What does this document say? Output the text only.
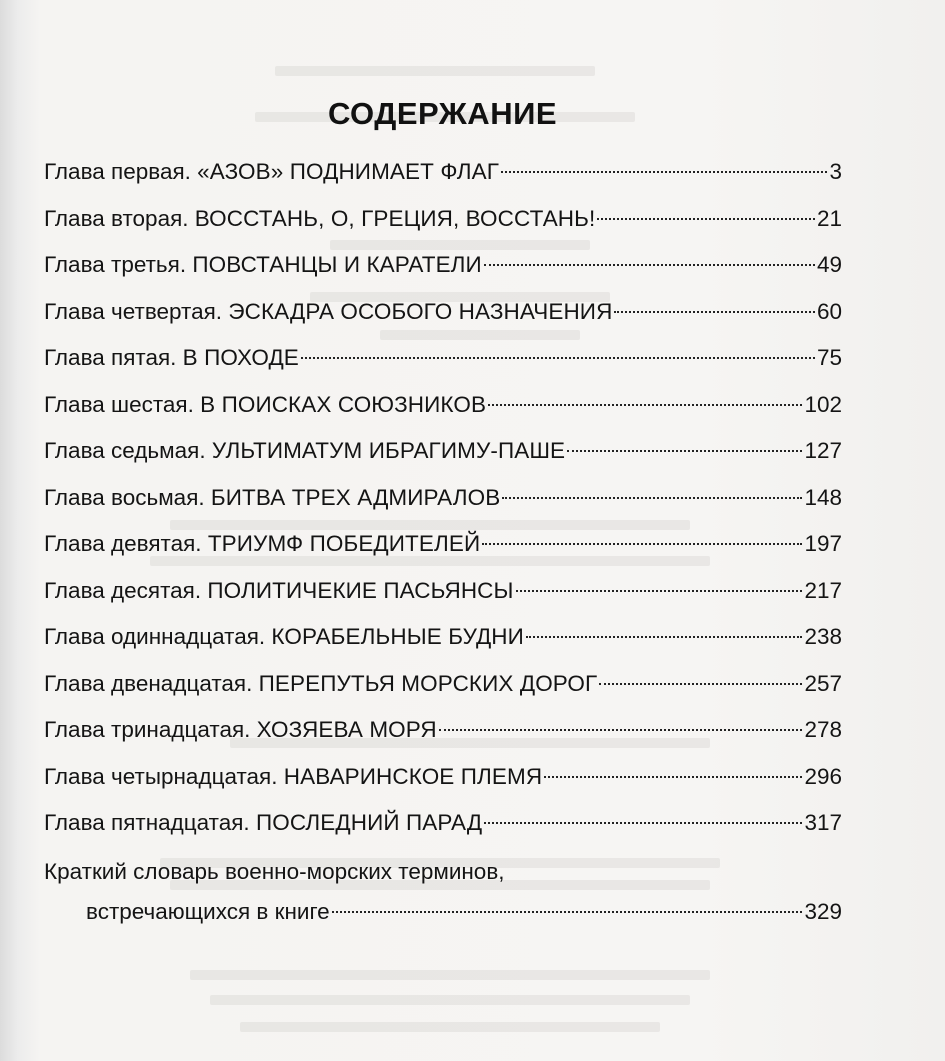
СОДЕРЖАНИЕ
Глава первая. «АЗОВ» ПОДНИМАЕТ ФЛАГ	3
Глава вторая. ВОССТАНЬ, О, ГРЕЦИЯ, ВОССТАНЬ!	21
Глава третья. ПОВСТАНЦЫ И КАРАТЕЛИ	49
Глава четвертая. ЭСКАДРА ОСОБОГО НАЗНАЧЕНИЯ	60
Глава пятая. В ПОХОДЕ	75
Глава шестая. В ПОИСКАХ СОЮЗНИКОВ	102
Глава седьмая. УЛЬТИМАТУМ ИБРАГИМУ-ПАШЕ	127
Глава восьмая. БИТВА ТРЕХ АДМИРАЛОВ	148
Глава девятая. ТРИУМФ ПОБЕДИТЕЛЕЙ	197
Глава десятая. ПОЛИТИЧЕКИЕ ПАСЬЯНСЫ	217
Глава одиннадцатая. КОРАБЕЛЬНЫЕ БУДНИ	238
Глава двенадцатая. ПЕРЕПУТЬЯ МОРСКИХ ДОРОГ	257
Глава тринадцатая. ХОЗЯЕВА МОРЯ	278
Глава четырнадцатая. НАВАРИНСКОЕ ПЛЕМЯ	296
Глава пятнадцатая. ПОСЛЕДНИЙ ПАРАД	317
Краткий словарь военно-морских терминов,
встречающихся в книге	329
